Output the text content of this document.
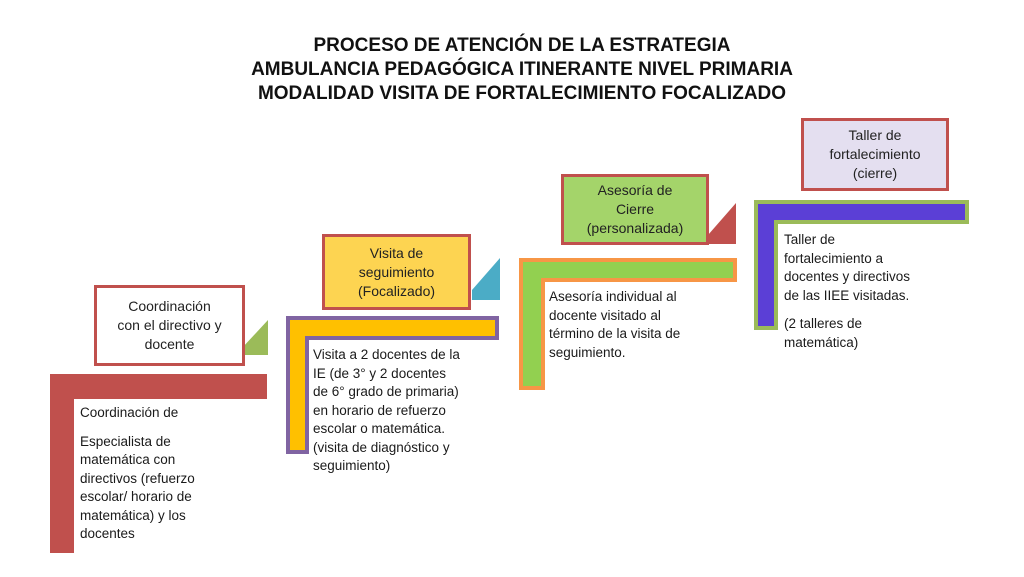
PROCESO DE ATENCIÓN DE LA ESTRATEGIA
AMBULANCIA PEDAGÓGICA ITINERANTE NIVEL PRIMARIA
MODALIDAD VISITA DE FORTALECIMIENTO FOCALIZADO
Coordinación
con el directivo y
docente
Visita de
seguimiento
(Focalizado)
Asesoría de
Cierre
(personalizada)
Taller de
fortalecimiento
(cierre)
Coordinación de
Especialista de
matemática con
directivos (refuerzo
escolar/ horario de
matemática) y los
docentes
Visita a 2 docentes de la
IE (de 3° y 2 docentes
de 6° grado de primaria)
en horario de refuerzo
escolar o matemática.
(visita de diagnóstico y
seguimiento)
Asesoría individual al
docente visitado al
término de la visita de
seguimiento.
Taller de
fortalecimiento a
docentes y directivos
de las IIEE visitadas.
(2 talleres de
matemática)
